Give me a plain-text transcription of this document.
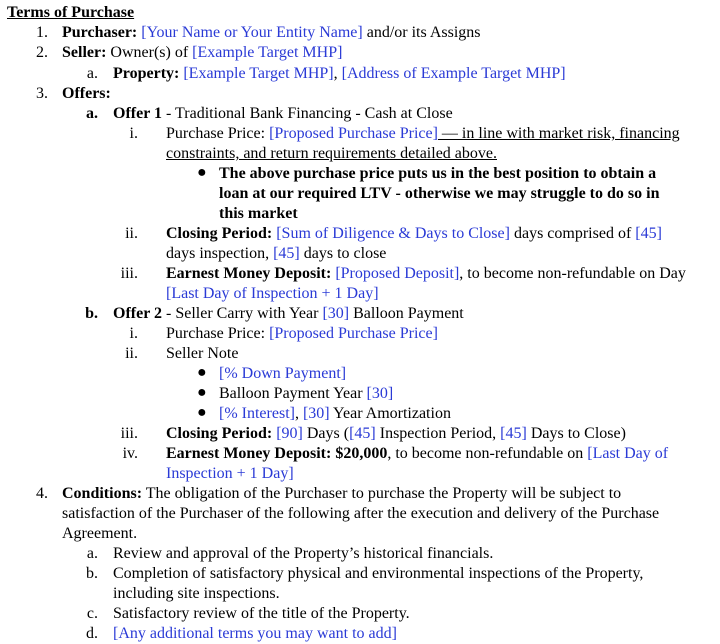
Terms of Purchase
1. Purchaser: [Your Name or Your Entity Name] and/or its Assigns
2. Seller: Owner(s) of [Example Target MHP]
a. Property: [Example Target MHP], [Address of Example Target MHP]
3. Offers:
a. Offer 1 - Traditional Bank Financing - Cash at Close
i. Purchase Price: [Proposed Purchase Price] — in line with market risk, financing
constraints, and return requirements detailed above.
● The above purchase price puts us in the best position to obtain a
loan at our required LTV - otherwise we may struggle to do so in
this market
ii. Closing Period: [Sum of Diligence & Days to Close] days comprised of [45]
days inspection, [45] days to close
iii. Earnest Money Deposit: [Proposed Deposit], to become non-refundable on Day
[Last Day of Inspection + 1 Day]
b. Offer 2 - Seller Carry with Year [30] Balloon Payment
i. Purchase Price: [Proposed Purchase Price]
ii. Seller Note
● [% Down Payment]
● Balloon Payment Year [30]
● [% Interest], [30] Year Amortization
iii. Closing Period: [90] Days ([45] Inspection Period, [45] Days to Close)
iv. Earnest Money Deposit: $20,000, to become non-refundable on [Last Day of
Inspection + 1 Day]
4. Conditions: The obligation of the Purchaser to purchase the Property will be subject to
satisfaction of the Purchaser of the following after the execution and delivery of the Purchase
Agreement.
a. Review and approval of the Property’s historical financials.
b. Completion of satisfactory physical and environmental inspections of the Property,
including site inspections.
c. Satisfactory review of the title of the Property.
d. [Any additional terms you may want to add]
